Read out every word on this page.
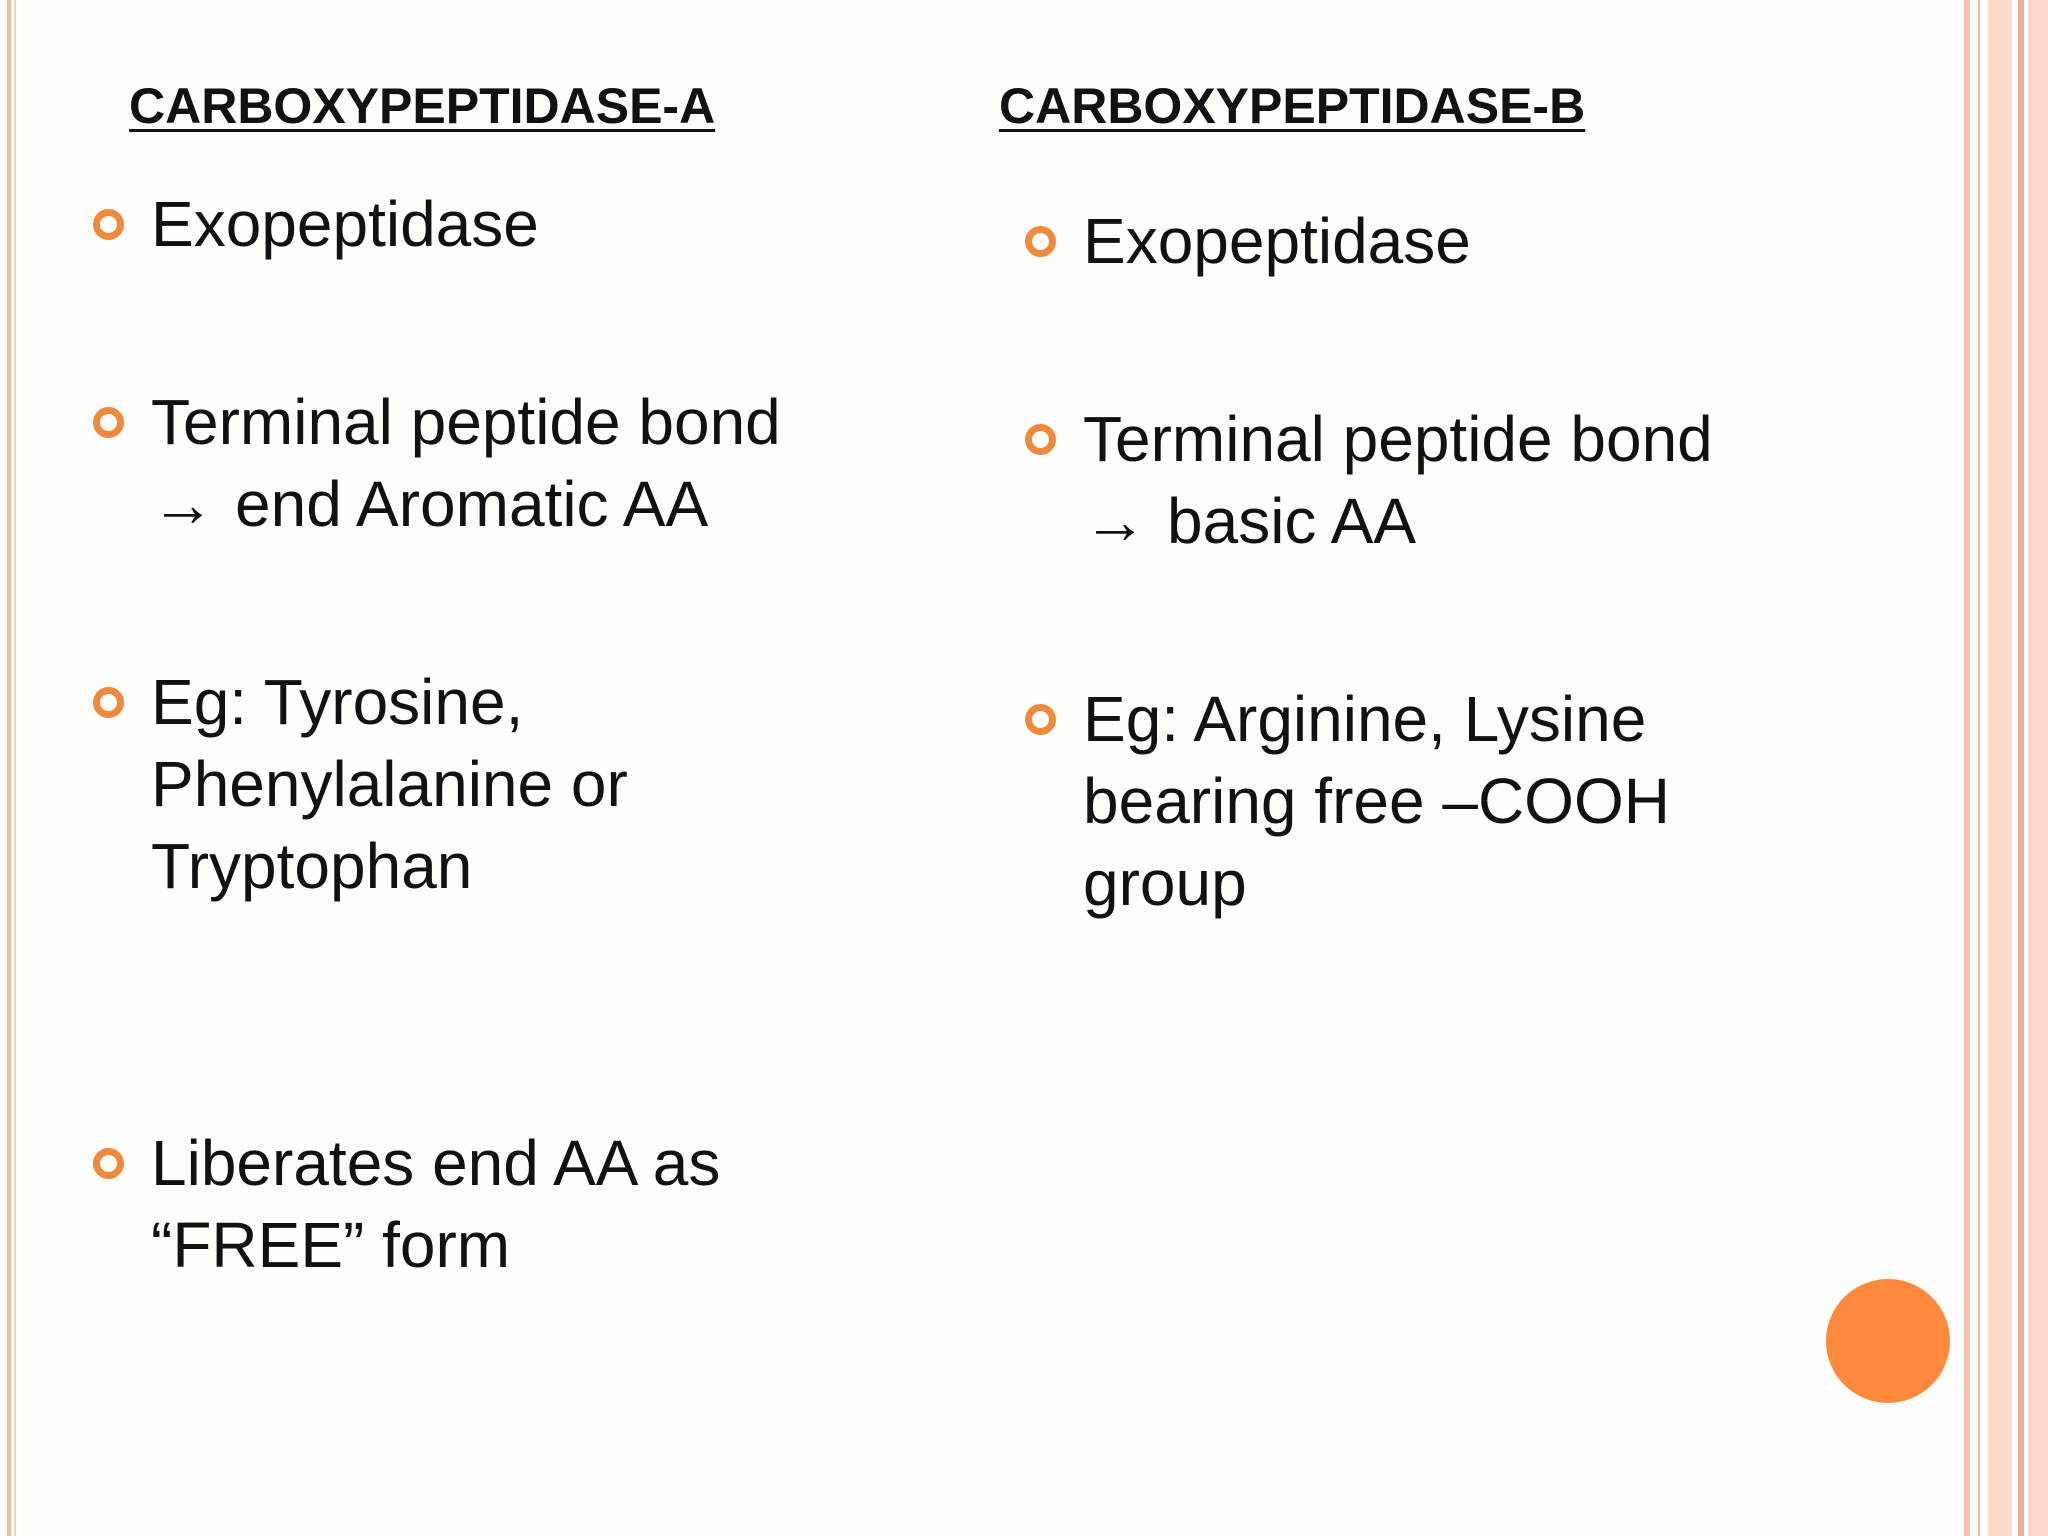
CARBOXYPEPTIDASE-A
Exopeptidase
Terminal peptide bond
→ end Aromatic AA
Eg: Tyrosine,
Phenylalanine or
Tryptophan
Liberates end AA as
“FREE” form
CARBOXYPEPTIDASE-B
Exopeptidase
Terminal peptide bond
→ basic AA
Eg: Arginine, Lysine
bearing free –COOH
group
